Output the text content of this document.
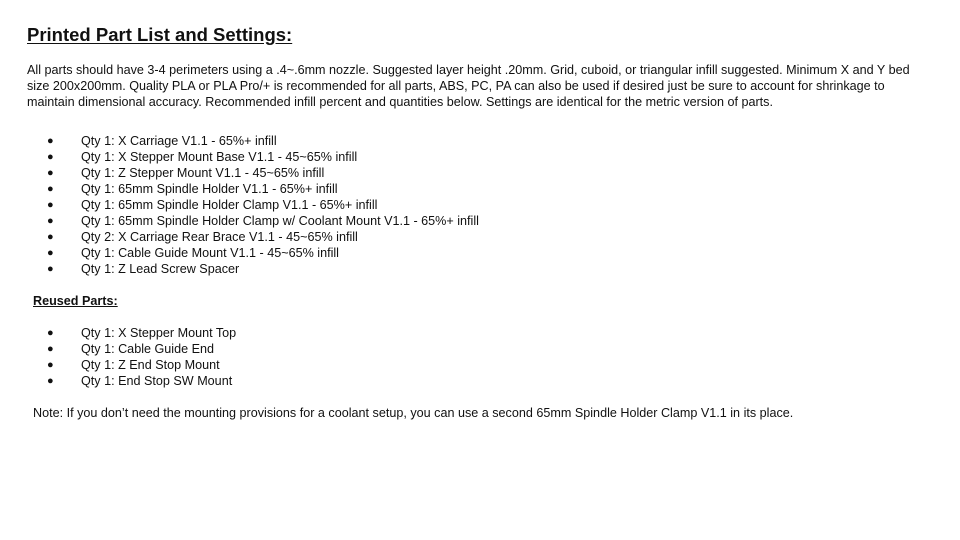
Printed Part List and Settings:
All parts should have 3-4 perimeters using a .4~.6mm nozzle. Suggested layer height .20mm. Grid, cuboid, or triangular infill suggested. Minimum X and Y bed size 200x200mm. Quality PLA or PLA Pro/+ is recommended for all parts, ABS, PC, PA can also be used if desired just be sure to account for shrinkage to maintain dimensional accuracy. Recommended infill percent and quantities below. Settings are identical for the metric version of parts.
● Qty 1: X Carriage V1.1 - 65%+ infill
● Qty 1: X Stepper Mount Base V1.1 - 45~65% infill
● Qty 1: Z Stepper Mount V1.1 - 45~65% infill
● Qty 1: 65mm Spindle Holder V1.1 - 65%+ infill
● Qty 1: 65mm Spindle Holder Clamp V1.1 - 65%+ infill
● Qty 1: 65mm Spindle Holder Clamp w/ Coolant Mount V1.1 - 65%+ infill
● Qty 2: X Carriage Rear Brace V1.1 - 45~65% infill
● Qty 1: Cable Guide Mount V1.1 - 45~65% infill
● Qty 1: Z Lead Screw Spacer
Reused Parts:
● Qty 1: X Stepper Mount Top
● Qty 1: Cable Guide End
● Qty 1: Z End Stop Mount
● Qty 1: End Stop SW Mount
Note: If you don’t need the mounting provisions for a coolant setup, you can use a second 65mm Spindle Holder Clamp V1.1 in its place.
